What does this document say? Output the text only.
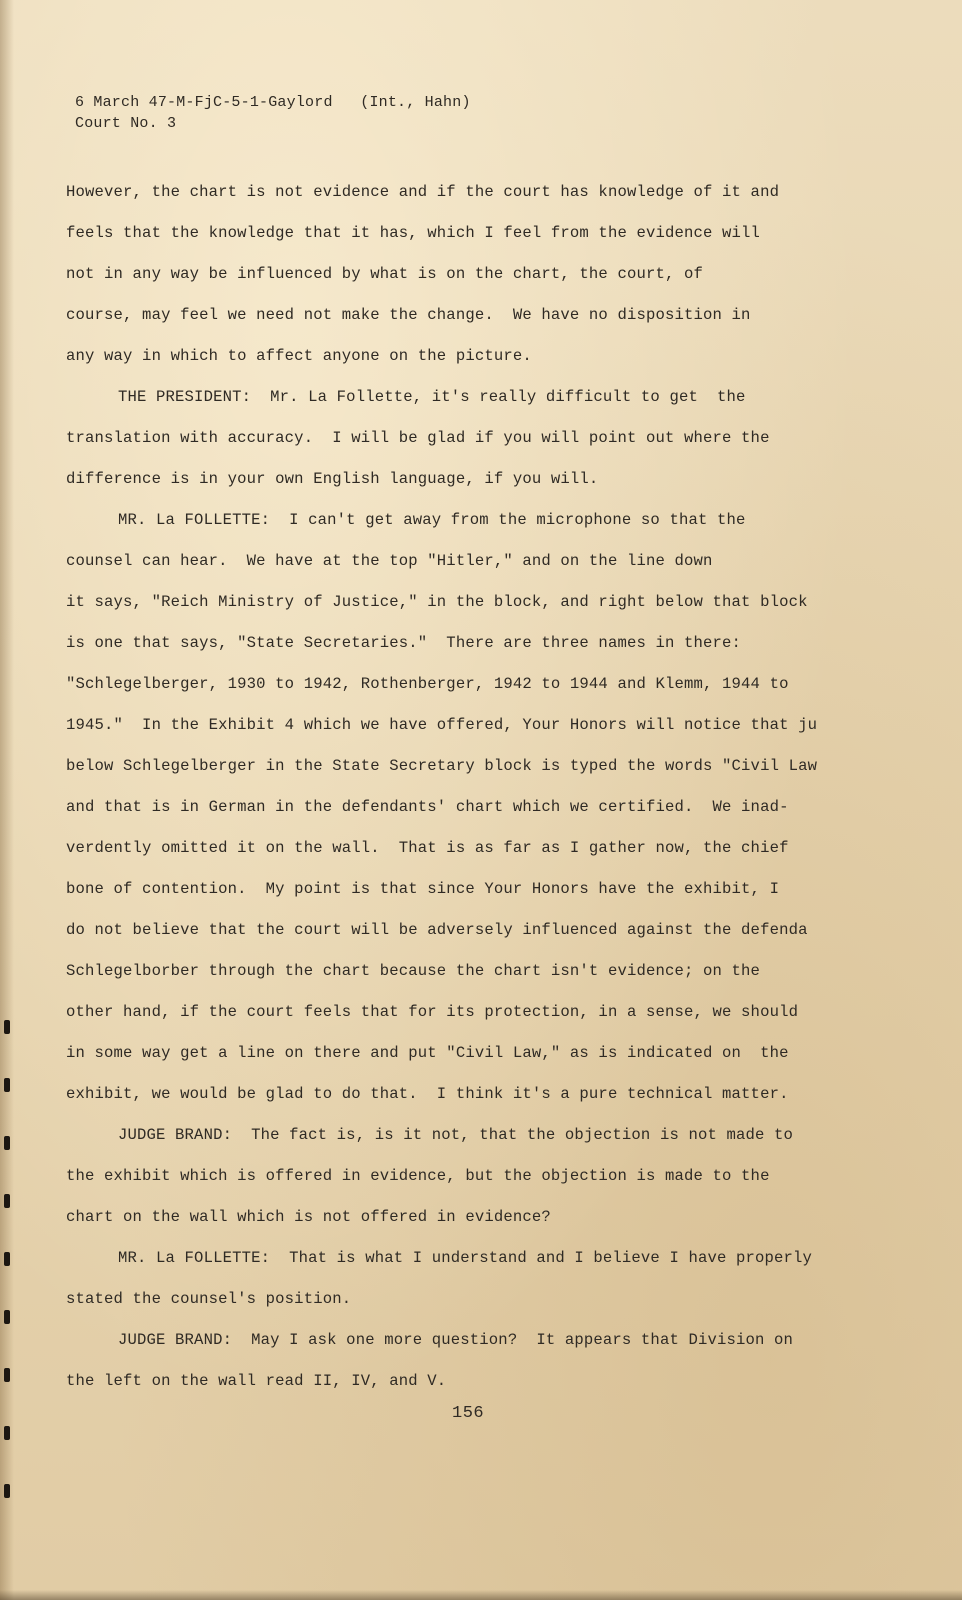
6 March 47-M-FjC-5-1-Gaylord   (Int., Hahn)
Court No. 3
However, the chart is not evidence and if the court has knowledge of it and
feels that the knowledge that it has, which I feel from the evidence will
not in any way be influenced by what is on the chart, the court, of
course, may feel we need not make the change.  We have no disposition in
any way in which to affect anyone on the picture.
THE PRESIDENT:  Mr. La Follette, it's really difficult to get  the
translation with accuracy.  I will be glad if you will point out where the
difference is in your own English language, if you will.
MR. La FOLLETTE:  I can't get away from the microphone so that the
counsel can hear.  We have at the top "Hitler," and on the line down
it says, "Reich Ministry of Justice," in the block, and right below that block
is one that says, "State Secretaries."  There are three names in there:
"Schlegelberger, 1930 to 1942, Rothenberger, 1942 to 1944 and Klemm, 1944 to
1945."  In the Exhibit 4 which we have offered, Your Honors will notice that ju
below Schlegelberger in the State Secretary block is typed the words "Civil Law
and that is in German in the defendants' chart which we certified.  We inad-
verdently omitted it on the wall.  That is as far as I gather now, the chief
bone of contention.  My point is that since Your Honors have the exhibit, I
do not believe that the court will be adversely influenced against the defenda
Schlegelborber through the chart because the chart isn't evidence; on the
other hand, if the court feels that for its protection, in a sense, we should
in some way get a line on there and put "Civil Law," as is indicated on  the
exhibit, we would be glad to do that.  I think it's a pure technical matter.
JUDGE BRAND:  The fact is, is it not, that the objection is not made to
the exhibit which is offered in evidence, but the objection is made to the
chart on the wall which is not offered in evidence?
MR. La FOLLETTE:  That is what I understand and I believe I have properly
stated the counsel's position.
JUDGE BRAND:  May I ask one more question?  It appears that Division on
the left on the wall read II, IV, and V.
156
